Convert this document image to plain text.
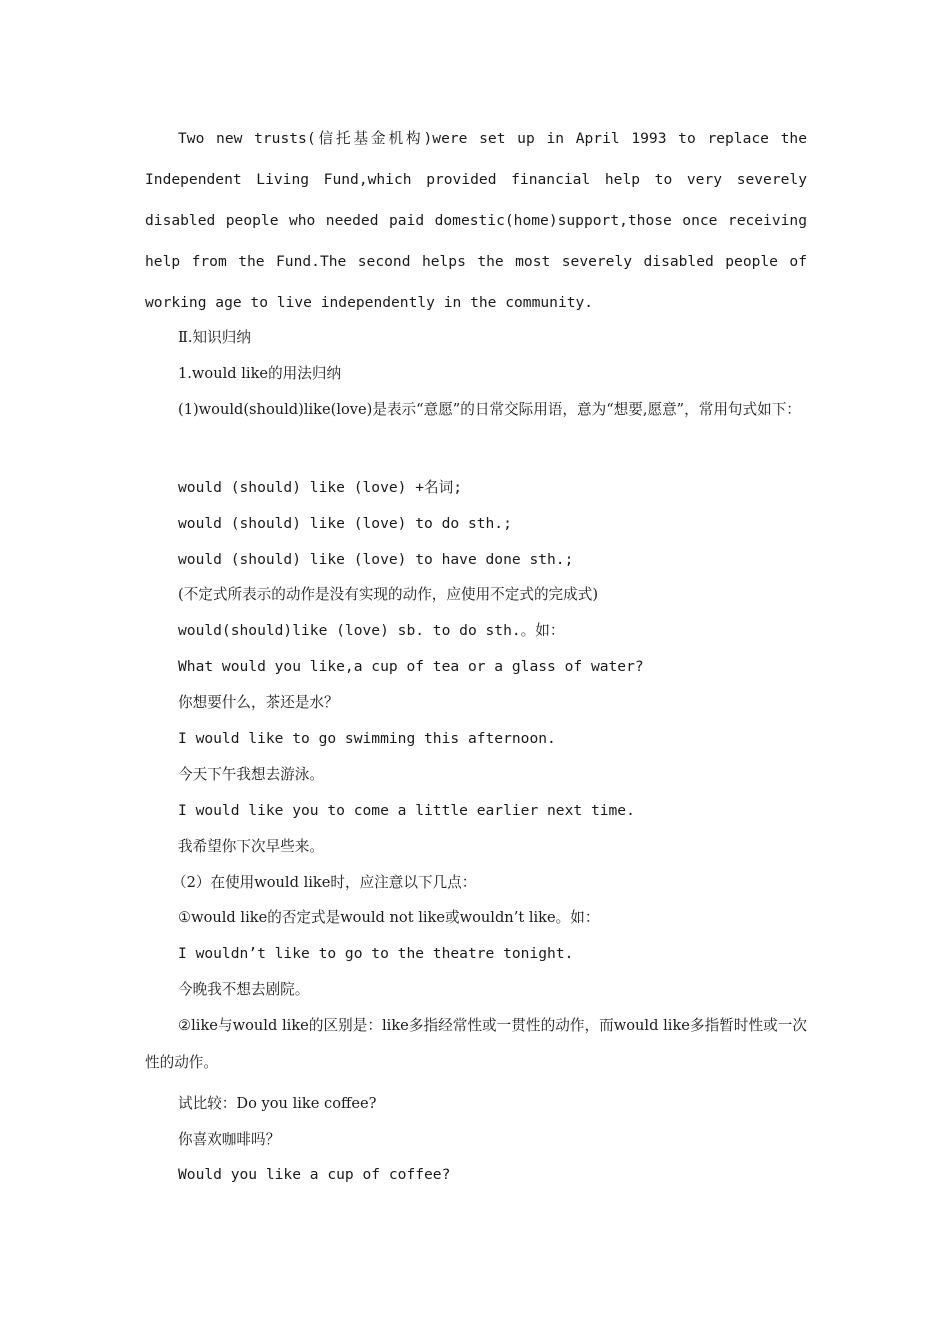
Two new trusts(信托基金机构)were set up in April 1993 to replace the Independent Living Fund,which provided financial help to very severely disabled people who needed paid domestic(home)support,those once receiving help from the Fund.The second helps the most severely disabled people of working age to live independently in the community.

Ⅱ.知识归纳

1.would like的用法归纳

(1)would(should)like(love)是表示“意愿”的日常交际用语，意为“想要,愿意”，常用句式如下：

would (should) like (love) +名词;

would (should) like (love) to do sth.;

would (should) like (love) to have done sth.;

(不定式所表示的动作是没有实现的动作，应使用不定式的完成式)

would(should)like (love) sb. to do sth.。如：

What would you like,a cup of tea or a glass of water?

你想要什么，茶还是水？

I would like to go swimming this afternoon.

今天下午我想去游泳。

I would like you to come a little earlier next time.

我希望你下次早些来。

（2）在使用would like时，应注意以下几点：

①would like的否定式是would not like或wouldn’t like。如：

I wouldn’t like to go to the theatre tonight.

今晚我不想去剧院。

②like与would like的区别是：like多指经常性或一贯性的动作，而would like多指暂时性或一次性的动作。

试比较：Do you like coffee?

你喜欢咖啡吗？

Would you like a cup of coffee?
